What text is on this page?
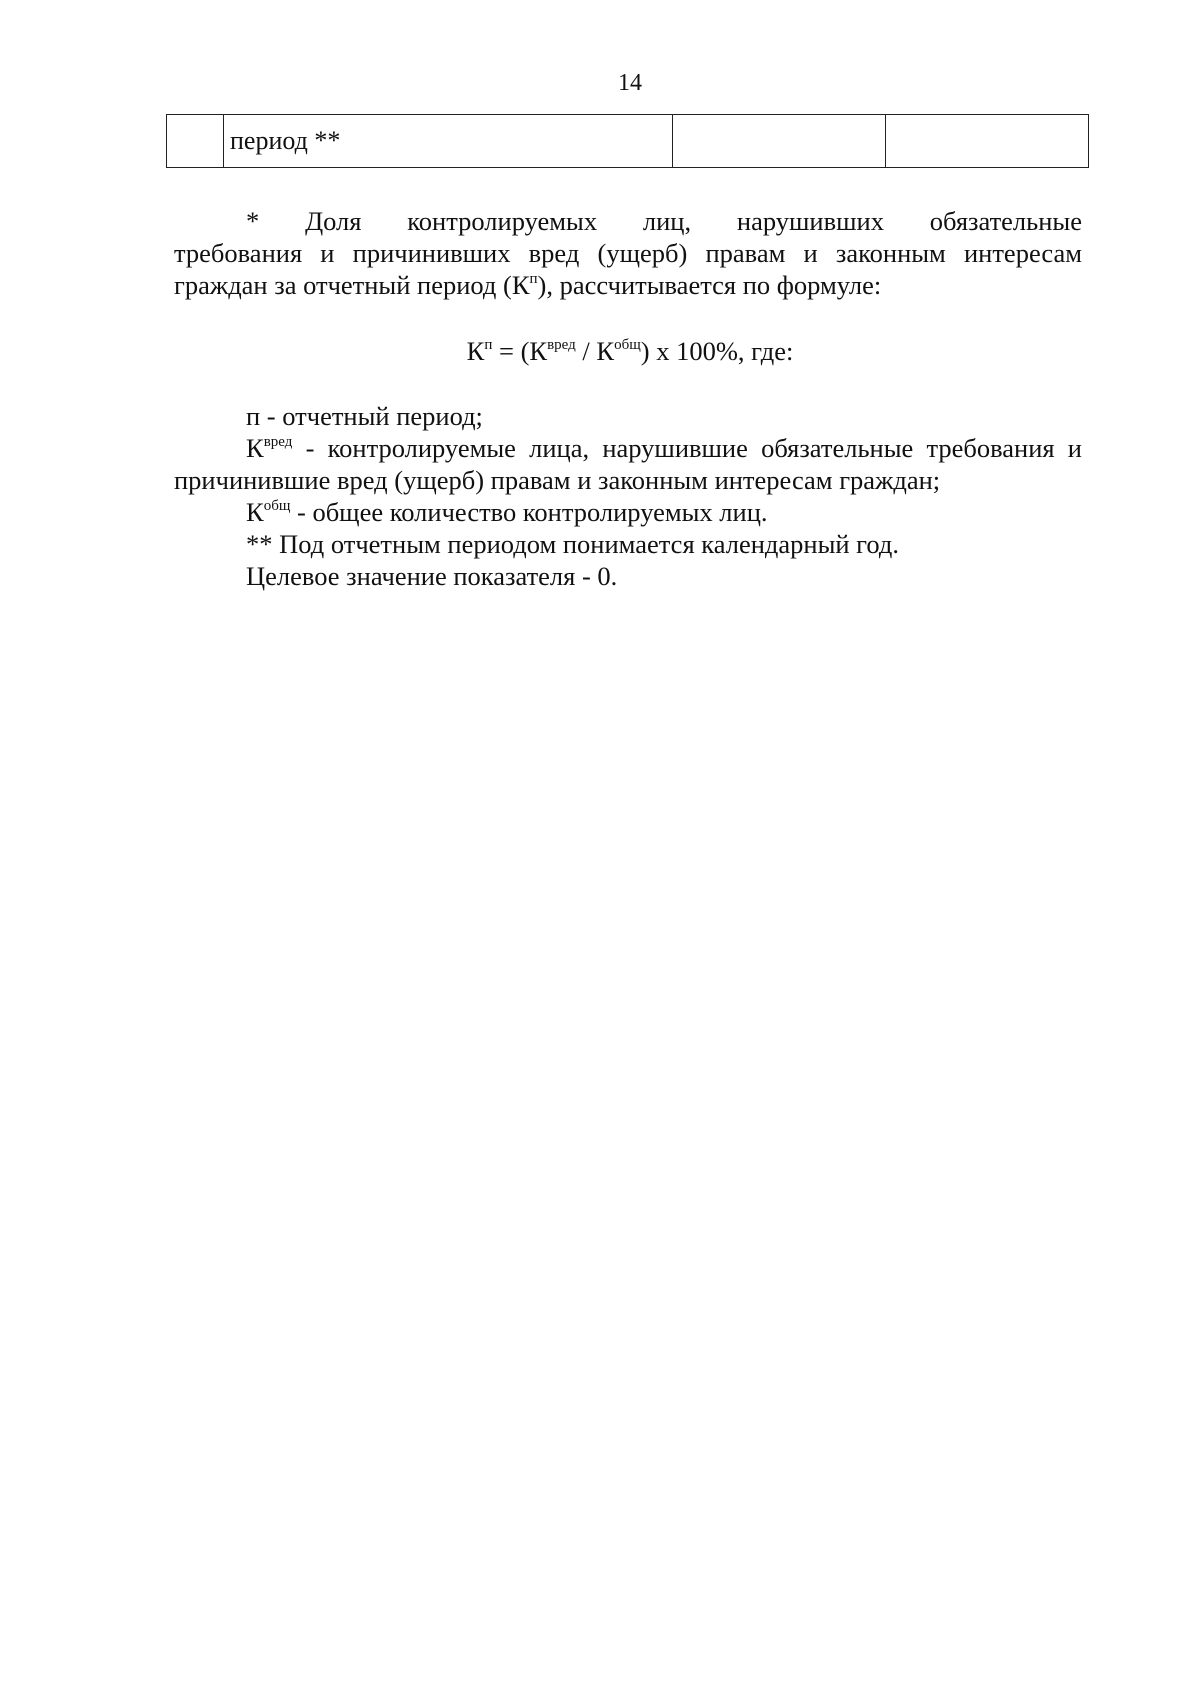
14
	период **		

* Доля контролируемых лиц, нарушивших обязательные

требования и причинивших вред (ущерб) правам и законным интересам

граждан за отчетный период $(К^п)$, рассчитывается по формуле:

$К^п = (К^{вред} / К^{общ})$ х 100%, где:

п - отчетный период;

$К^{вред}$ - контролируемые лица, нарушившие обязательные требования и причинившие вред (ущерб) правам и законным интересам граждан;

$К^{общ}$ - общее количество контролируемых лиц.

** Под отчетным периодом понимается календарный год.

Целевое значение показателя - 0.
